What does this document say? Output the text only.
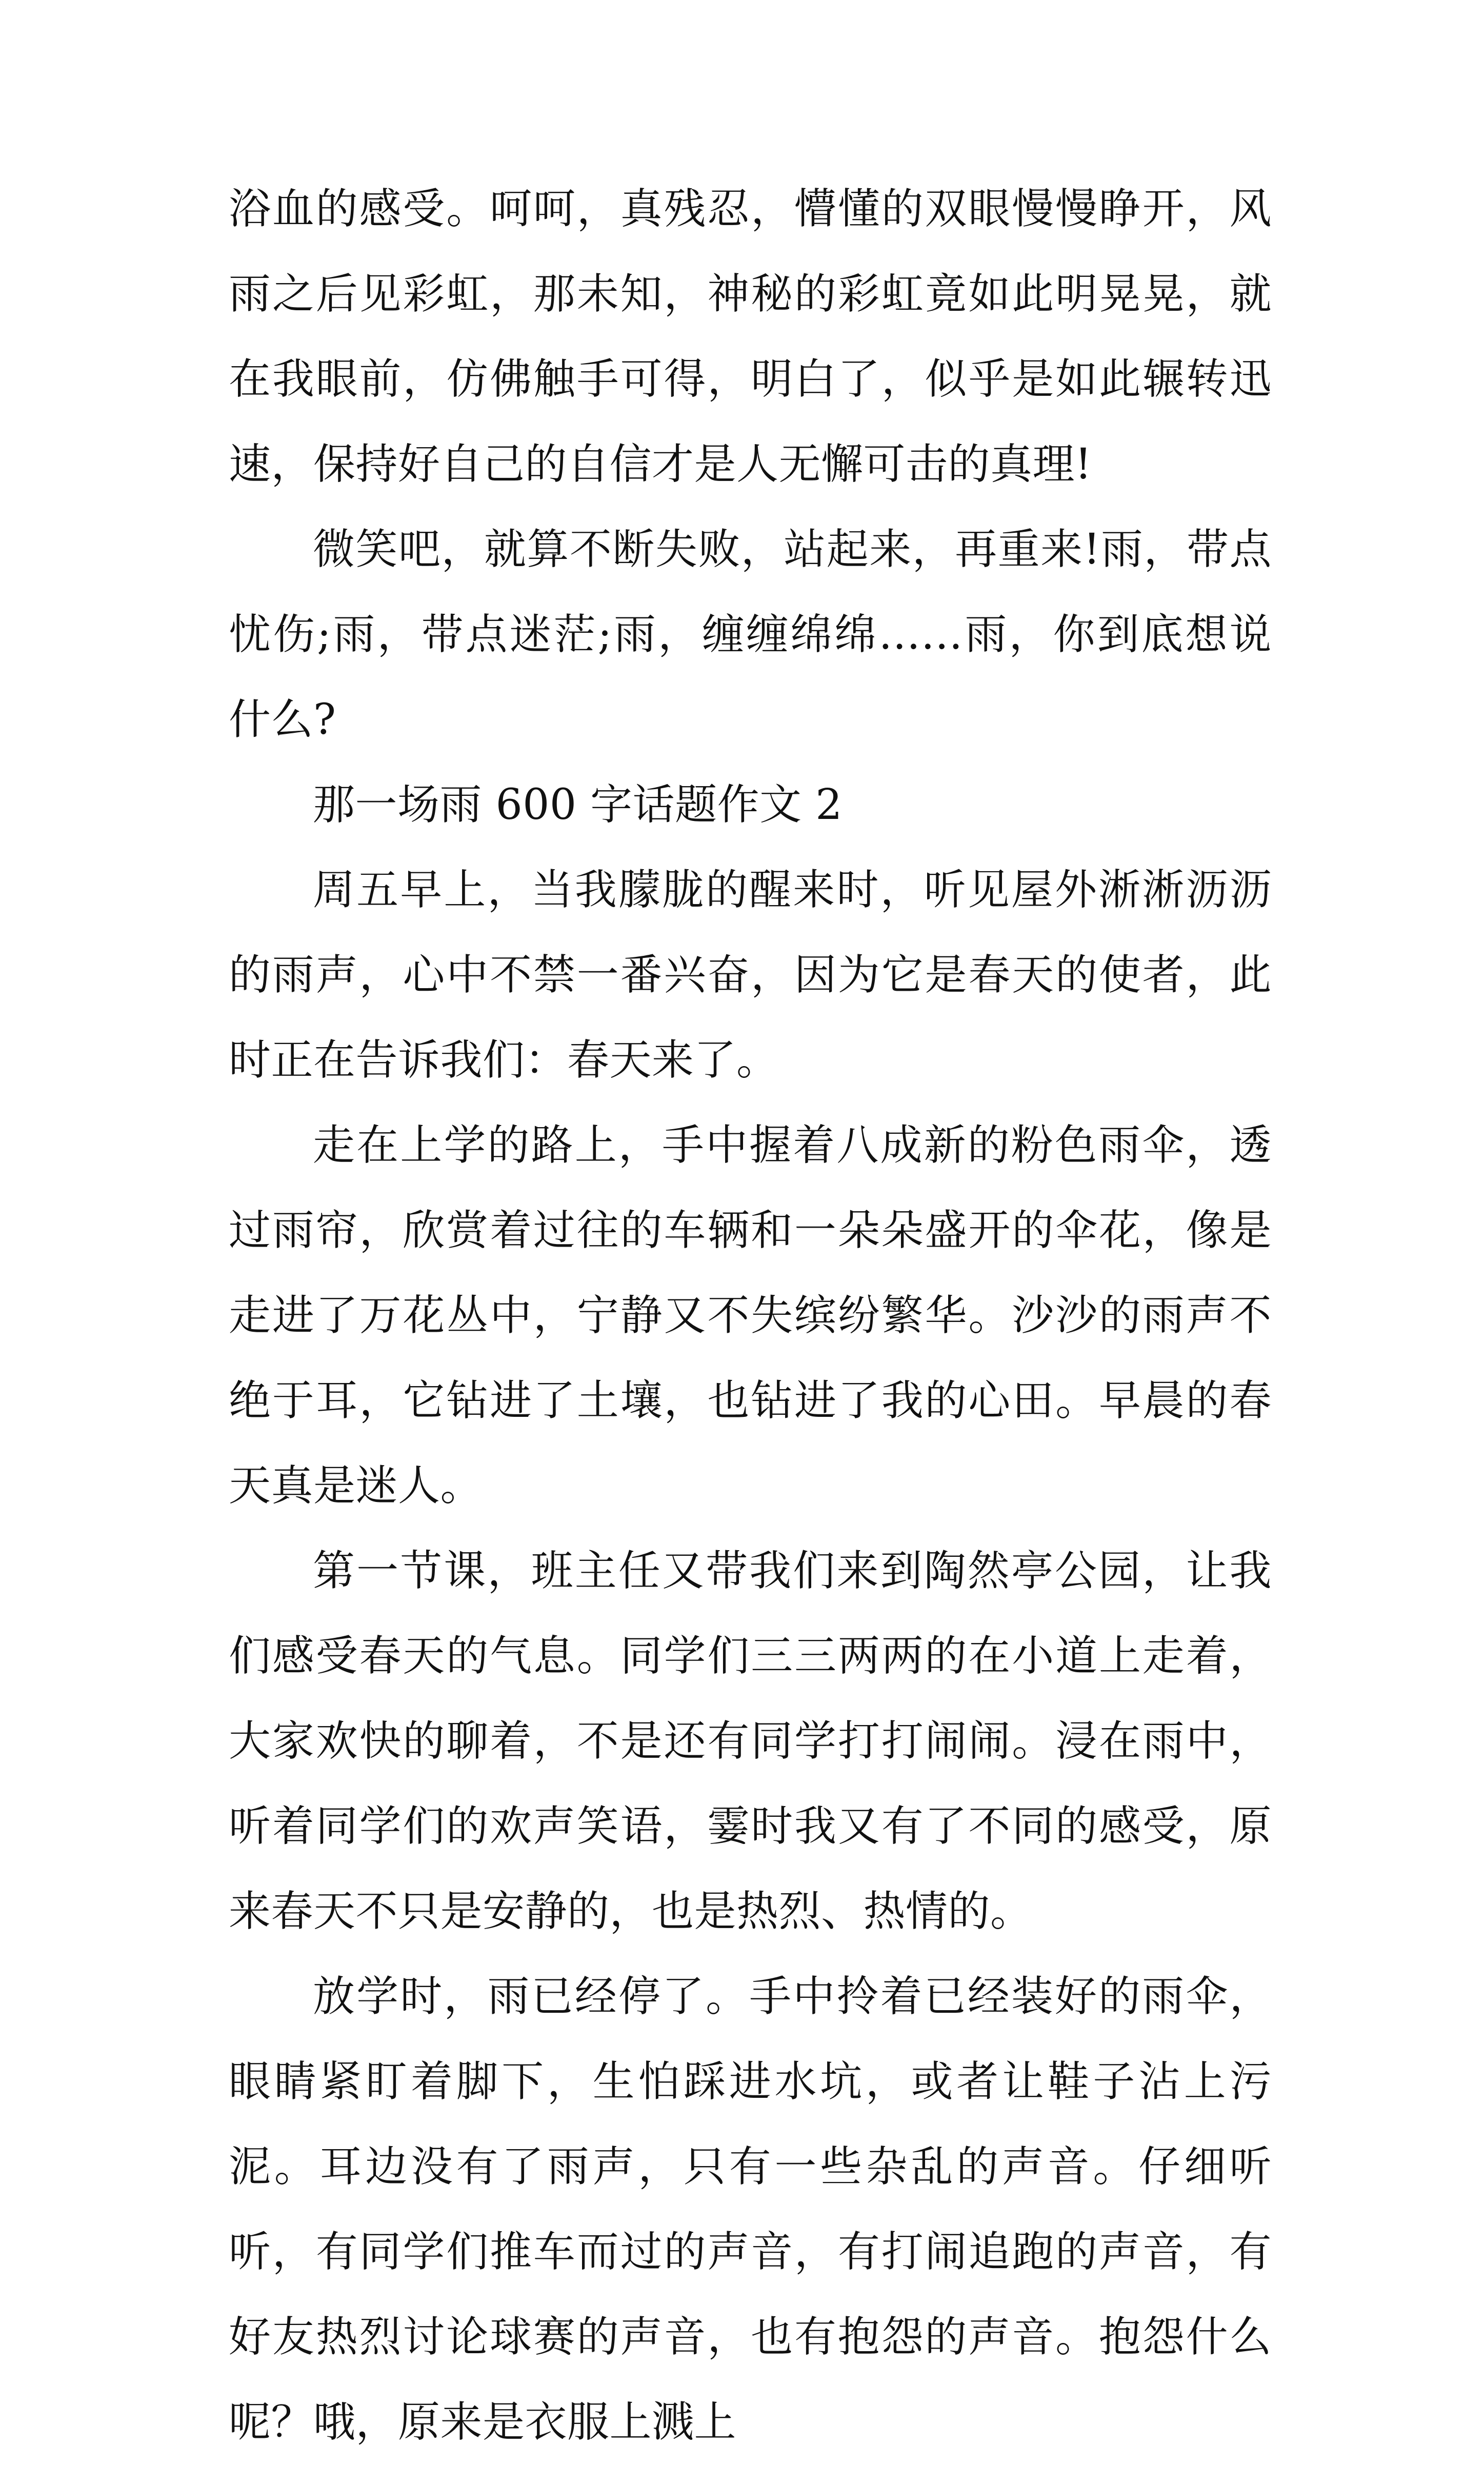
浴血的感受。呵呵，真残忍，懵懂的双眼慢慢睁开，风雨之后见彩虹，那未知，神秘的彩虹竟如此明晃晃，就在我眼前，仿佛触手可得，明白了，似乎是如此辗转迅速，保持好自己的自信才是人无懈可击的真理!

微笑吧，就算不断失败，站起来，再重来!雨，带点忧伤;雨，带点迷茫;雨，缠缠绵绵……雨，你到底想说什么?

那一场雨 600 字话题作文 2

周五早上，当我朦胧的醒来时，听见屋外淅淅沥沥的雨声，心中不禁一番兴奋，因为它是春天的使者，此时正在告诉我们：春天来了。

走在上学的路上，手中握着八成新的粉色雨伞，透过雨帘，欣赏着过往的车辆和一朵朵盛开的伞花，像是走进了万花丛中，宁静又不失缤纷繁华。沙沙的雨声不绝于耳，它钻进了土壤，也钻进了我的心田。早晨的春天真是迷人。

第一节课，班主任又带我们来到陶然亭公园，让我们感受春天的气息。同学们三三两两的在小道上走着，大家欢快的聊着，不是还有同学打打闹闹。浸在雨中，听着同学们的欢声笑语，霎时我又有了不同的感受，原来春天不只是安静的，也是热烈、热情的。

放学时，雨已经停了。手中拎着已经装好的雨伞，眼睛紧盯着脚下，生怕踩进水坑，或者让鞋子沾上污泥。耳边没有了雨声，只有一些杂乱的声音。仔细听听，有同学们推车而过的声音，有打闹追跑的声音，有好友热烈讨论球赛的声音，也有抱怨的声音。抱怨什么呢？哦，原来是衣服上溅上
